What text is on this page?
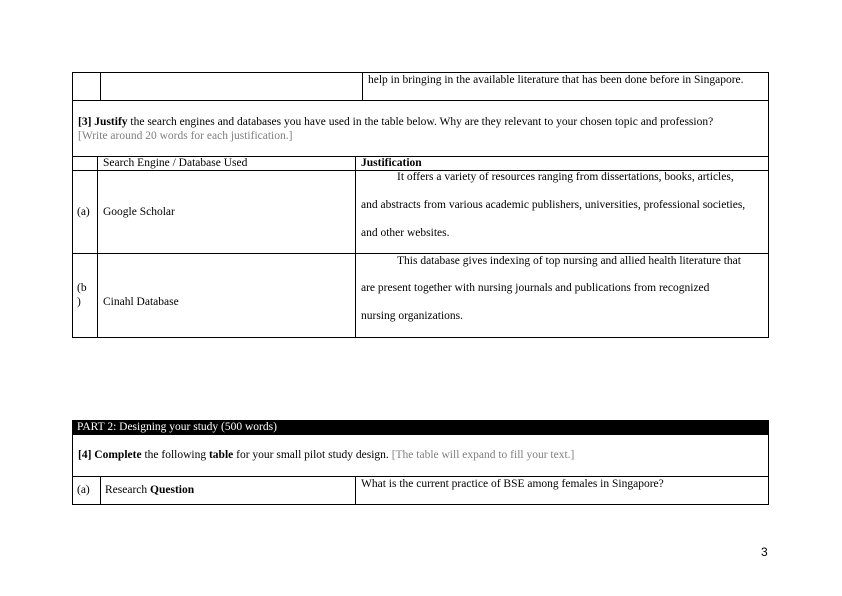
help in bringing in the available literature that has been done before in Singapore.
[3] Justify the search engines and databases you have used in the table below. Why are they relevant to your chosen topic and profession?
[Write around 20 words for each justification.]
Search Engine / Database Used	Justification
(a) Google Scholar
It offers a variety of resources ranging from dissertations, books, articles,
and abstracts from various academic publishers, universities, professional societies,
and other websites.
(b
) Cinahl Database
This database gives indexing of top nursing and allied health literature that
are present together with nursing journals and publications from recognized
nursing organizations.
PART 2: Designing your study (500 words)
[4] Complete the following table for your small pilot study design. [The table will expand to fill your text.]
(a) Research Question	What is the current practice of BSE among females in Singapore?
3
